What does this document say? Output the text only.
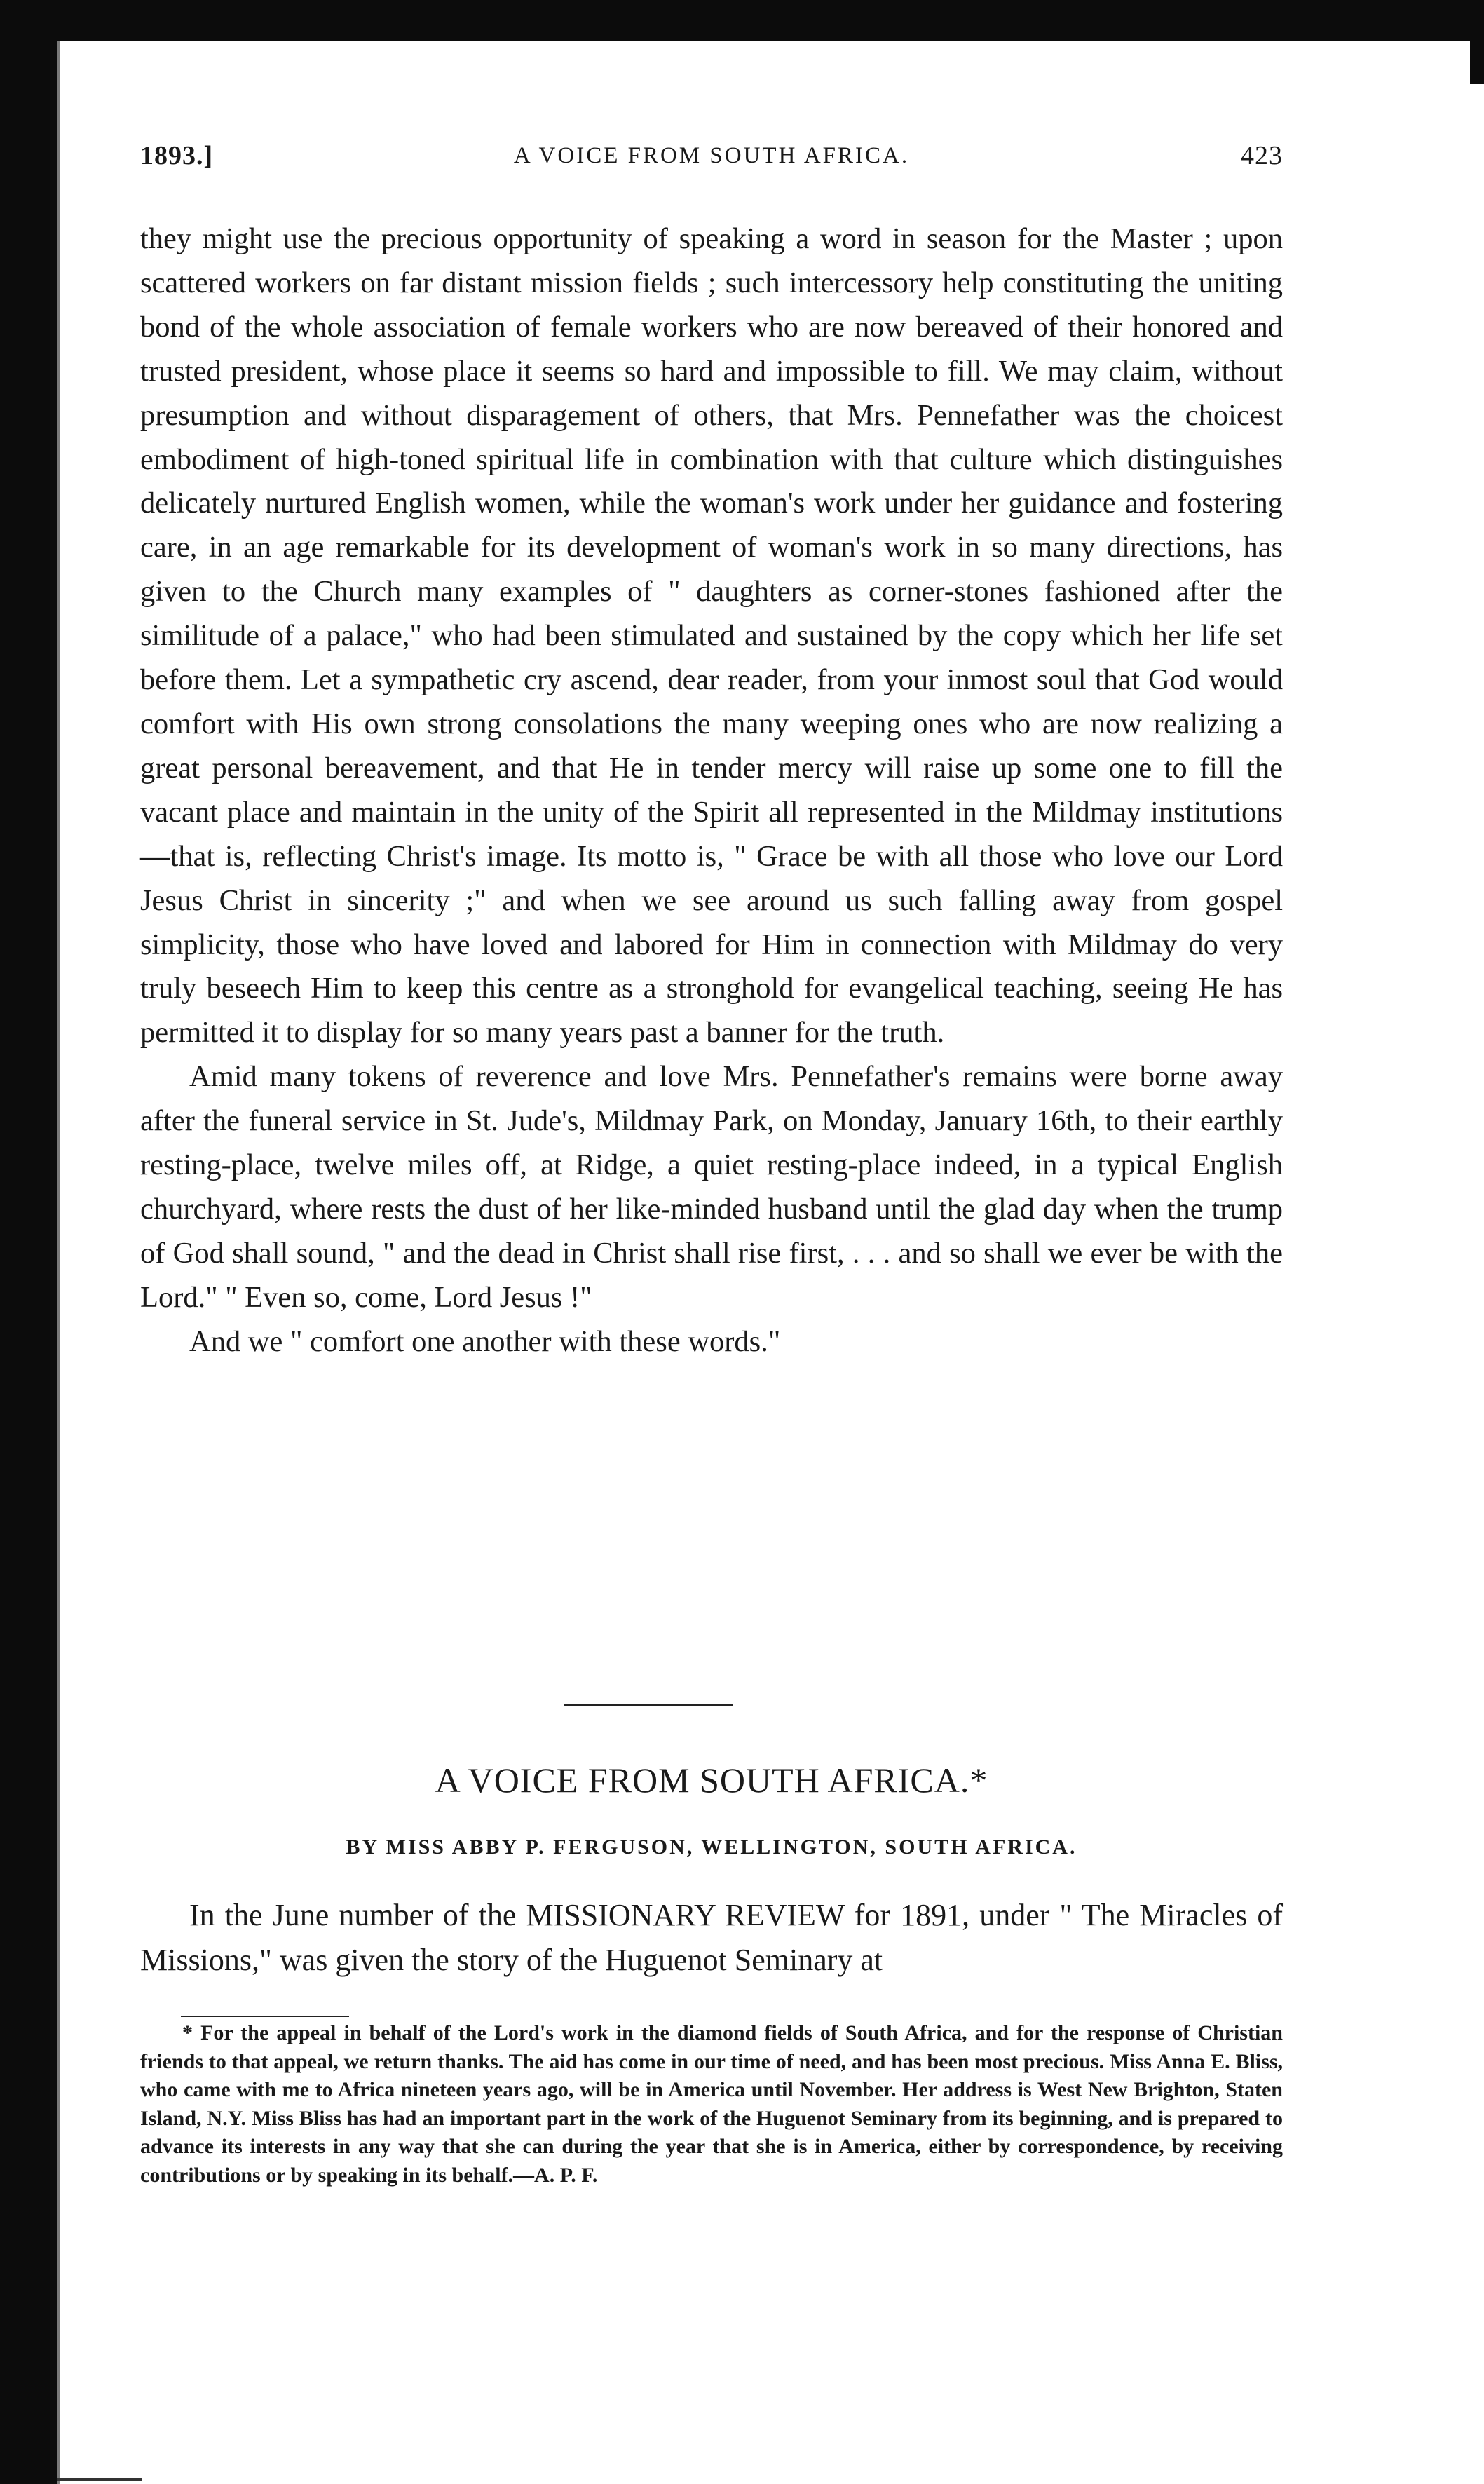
1893.]	A VOICE FROM SOUTH AFRICA.	423

they might use the precious opportunity of speaking a word in season for the Master ; upon scattered workers on far distant mission fields ; such intercessory help constituting the uniting bond of the whole association of female workers who are now bereaved of their honored and trusted president, whose place it seems so hard and impossible to fill. We may claim, without presumption and without disparagement of others, that Mrs. Pennefather was the choicest embodiment of high-toned spiritual life in combination with that culture which distinguishes delicately nurtured English women, while the woman's work under her guidance and fostering care, in an age remarkable for its development of woman's work in so many directions, has given to the Church many examples of " daughters as corner-stones fashioned after the similitude of a palace," who had been stimulated and sustained by the copy which her life set before them. Let a sympathetic cry ascend, dear reader, from your inmost soul that God would comfort with His own strong consolations the many weeping ones who are now realizing a great personal bereavement, and that He in tender mercy will raise up some one to fill the vacant place and maintain in the unity of the Spirit all represented in the Mildmay institutions—that is, reflecting Christ's image. Its motto is, " Grace be with all those who love our Lord Jesus Christ in sincerity ;" and when we see around us such falling away from gospel simplicity, those who have loved and labored for Him in connection with Mildmay do very truly beseech Him to keep this centre as a stronghold for evangelical teaching, seeing He has permitted it to display for so many years past a banner for the truth.

Amid many tokens of reverence and love Mrs. Pennefather's remains were borne away after the funeral service in St. Jude's, Mildmay Park, on Monday, January 16th, to their earthly resting-place, twelve miles off, at Ridge, a quiet resting-place indeed, in a typical English churchyard, where rests the dust of her like-minded husband until the glad day when the trump of God shall sound, " and the dead in Christ shall rise first, . . . and so shall we ever be with the Lord." " Even so, come, Lord Jesus !"

And we " comfort one another with these words."

A VOICE FROM SOUTH AFRICA.*
BY MISS ABBY P. FERGUSON, WELLINGTON, SOUTH AFRICA.

In the June number of the MISSIONARY REVIEW for 1891, under " The Miracles of Missions," was given the story of the Huguenot Seminary at

* For the appeal in behalf of the Lord's work in the diamond fields of South Africa, and for the response of Christian friends to that appeal, we return thanks. The aid has come in our time of need, and has been most precious. Miss Anna E. Bliss, who came with me to Africa nineteen years ago, will be in America until November. Her address is West New Brighton, Staten Island, N.Y. Miss Bliss has had an important part in the work of the Huguenot Seminary from its beginning, and is prepared to advance its interests in any way that she can during the year that she is in America, either by correspondence, by receiving contributions or by speaking in its behalf.—A. P. F.
